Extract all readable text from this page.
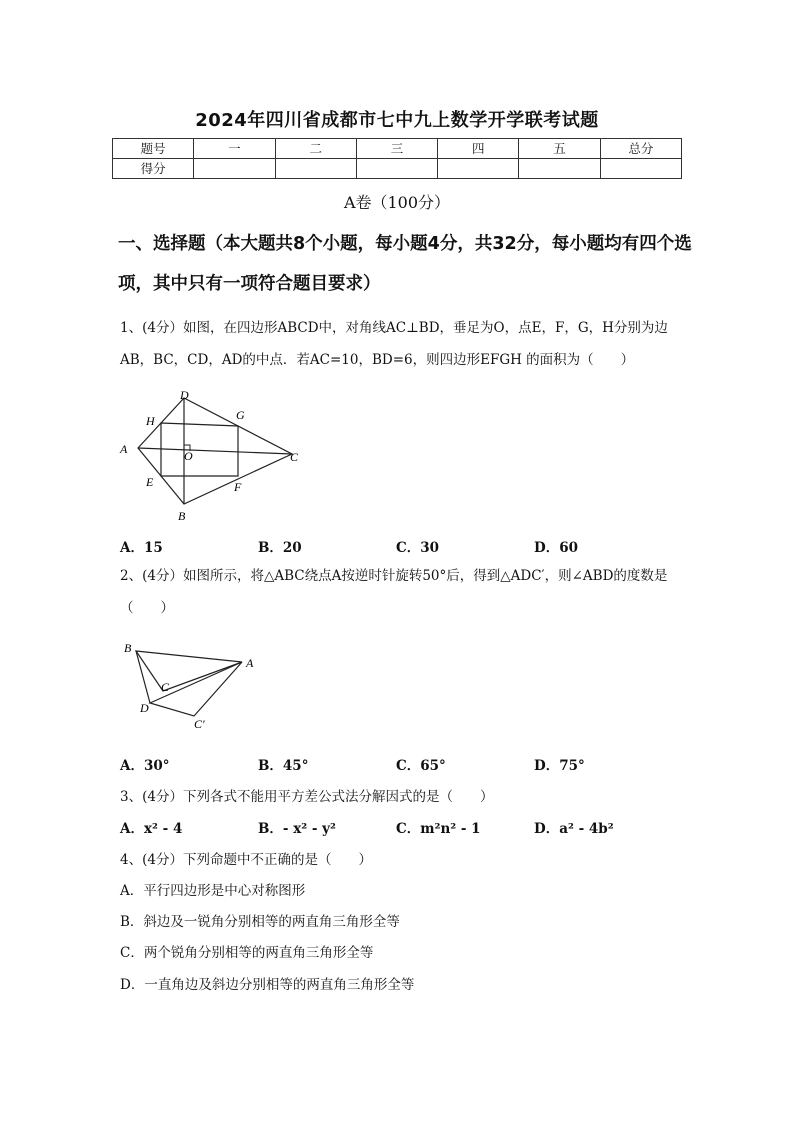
2024年四川省成都市七中九上数学开学联考试题
题号	一	二	三	四	五	总分
得分						
A卷（100分）
一、选择题（本大题共8个小题，每小题4分，共32分，每小题均有四个选项，其中只有一项符合题目要求）
1、(4分）如图，在四边形ABCD中，对角线AC⊥BD，垂足为O，点E，F，G，H分别为边AB，BC，CD，AD的中点．若AC=10，BD=6，则四边形EFGH 的面积为（　　）
A
B
C
D
E	F
G
H
O
A．15	B．20	C．30	D．60
2、(4分）如图所示，将△ABC绕点A按逆时针旋转50°后，得到△ADC′，则∠ABD的度数是（　　）
B
A
C
D
C′
A．30°	B．45°	C．65°	D．75°
3、(4分）下列各式不能用平方差公式法分解因式的是（　　）
A．x² - 4	B．- x² - y²	C．m²n² - 1	D．a² - 4b²
4、(4分）下列命题中不正确的是（　　）
A．平行四边形是中心对称图形
B．斜边及一锐角分别相等的两直角三角形全等
C．两个锐角分别相等的两直角三角形全等
D．一直角边及斜边分别相等的两直角三角形全等
